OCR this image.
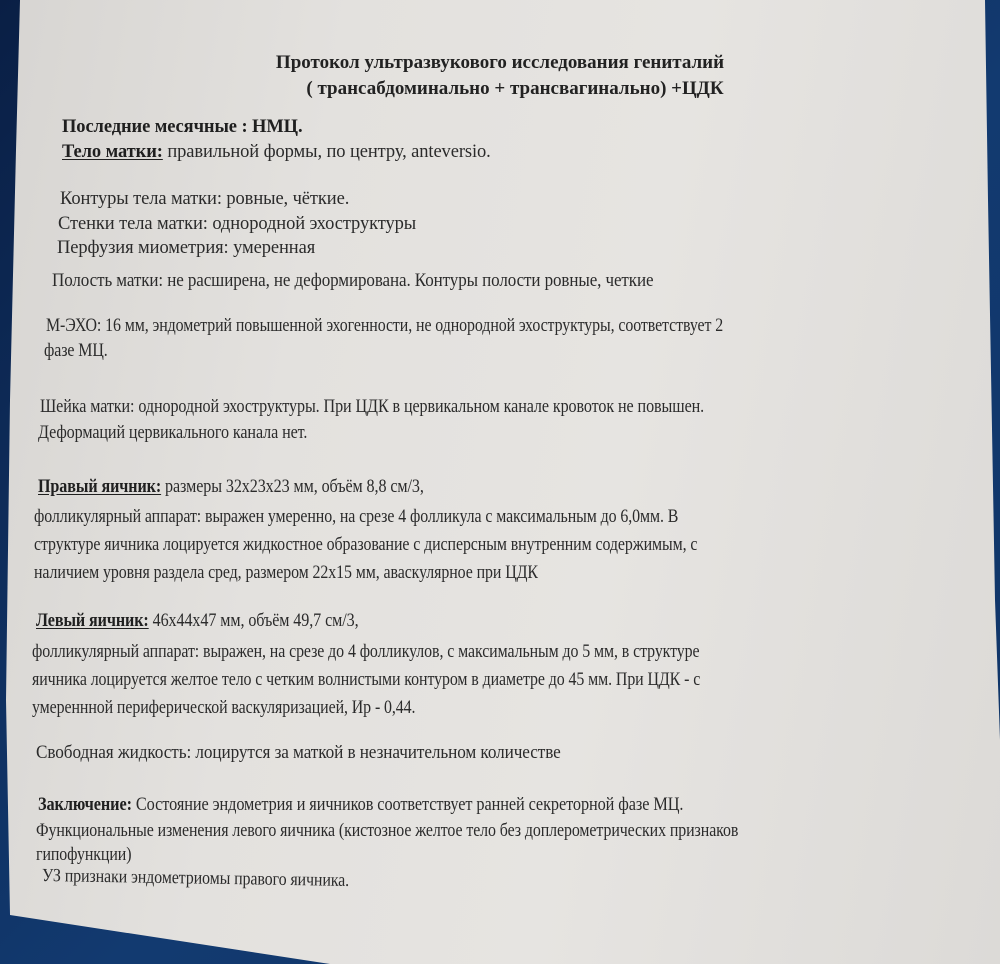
Протокол ультразвукового исследования гениталий
( трансабдоминально + трансвагинально) +ЦДК
Последние месячные : НМЦ.
Тело матки: правильной формы, по центру, anteversio.
Контуры тела матки: ровные, чёткие.
Стенки тела матки: однородной эхоструктуры
Перфузия миометрия: умеренная
Полость матки: не расширена, не деформирована. Контуры полости ровные, четкие
М-ЭХО: 16 мм, эндометрий повышенной эхогенности, не однородной эхоструктуры, соответствует 2
фазе МЦ.
Шейка матки: однородной эхоструктуры. При ЦДК в цервикальном канале кровоток не повышен.
Деформаций цервикального канала нет.
Правый яичник: размеры 32х23х23 мм, объём 8,8 см/3,
фолликулярный аппарат: выражен умеренно, на срезе 4 фолликула с максимальным до 6,0мм. В
структуре яичника лоцируется жидкостное образование с дисперсным внутренним содержимым, с
наличием уровня раздела сред, размером 22х15 мм, аваскулярное при ЦДК
Левый яичник: 46х44х47 мм, объём 49,7 см/3,
фолликулярный аппарат: выражен, на срезе до 4 фолликулов, с максимальным до 5 мм, в структуре
яичника лоцируется желтое тело с четким волнистыми контуром в диаметре до 45 мм. При ЦДК - с
умереннной периферической васкуляризацией, Ир - 0,44.
Свободная жидкость: лоцирутся за маткой в незначительном количестве
Заключение: Состояние эндометрия и яичников соответствует ранней секреторной фазе МЦ.
Функциональные изменения левого яичника (кистозное желтое тело без доплерометрических признаков
гипофункции)
УЗ признаки эндометриомы правого яичника.
